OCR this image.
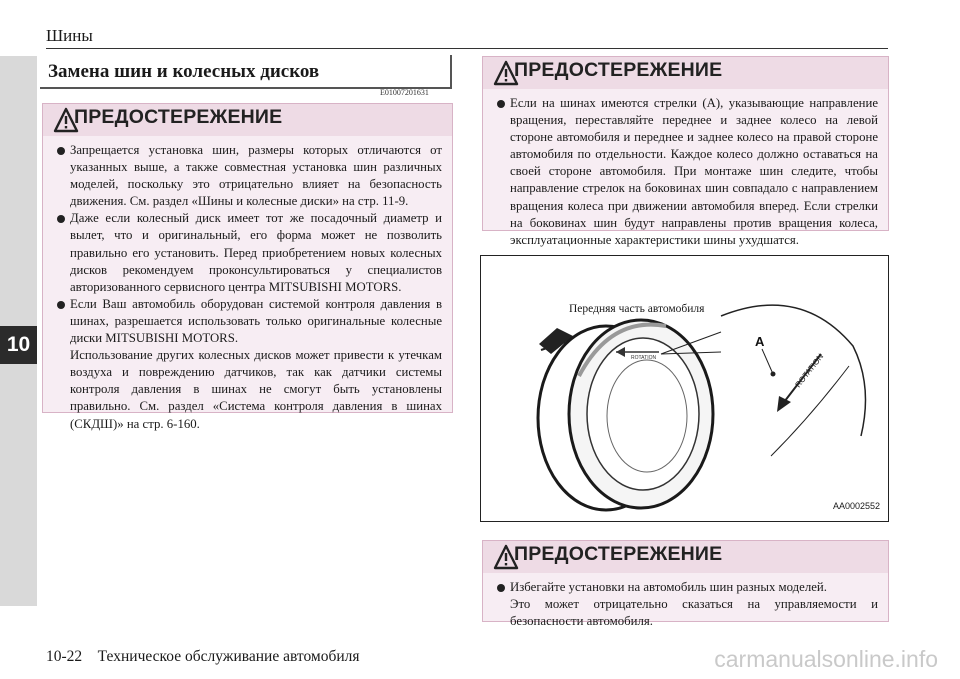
10
Шины
Замена шин и колесных дисков
E01007201631
ПРЕДОСТЕРЕЖЕНИЕ
Запрещается установка шин, размеры которых отличаются от указанных выше, а также совместная установка шин различных моделей, поскольку это отрицательно влияет на безопасность движения. См. раздел «Шины и колесные диски» на стр. 11-9.
Даже если колесный диск имеет тот же посадочный диаметр и вылет, что и оригинальный, его форма может не позволить правильно его установить. Перед приобретением новых колесных дисков рекомендуем проконсультироваться у специалистов авторизованного сервисного центра MITSUBISHI MOTORS.
Если Ваш автомобиль оборудован системой контроля давления в шинах, разрешается использовать только оригинальные колесные диски MITSUBISHI MOTORS.
Использование других колесных дисков может привести к утечкам воздуха и повреждению датчиков, так как датчики системы контроля давления в шинах не смогут быть установлены правильно. См. раздел «Система контроля давления в шинах (СКДШ)» на стр. 6-160.
ПРЕДОСТЕРЕЖЕНИЕ
Если на шинах имеются стрелки (A), указывающие направление вращения, переставляйте переднее и заднее колесо на левой стороне автомобиля и переднее и заднее колесо на правой стороне автомобиля по отдельности. Каждое колесо должно оставаться на своей стороне автомобиля. При монтаже шин следите, чтобы направление стрелок на боковинах шин совпадало с направлением вращения колеса при движении автомобиля вперед. Если стрелки на боковинах шин будут направлены против вращения колеса, эксплуатационные характеристики шины ухудшатся.
ROTATION	ROTATION
A
Передняя часть автомобиля
AA0002552
ПРЕДОСТЕРЕЖЕНИЕ
Избегайте установки на автомобиль шин разных моделей.
Это может отрицательно сказаться на управляемости и безопасности автомобиля.
10-22 Техническое обслуживание автомобиля	carmanualsonline.info
